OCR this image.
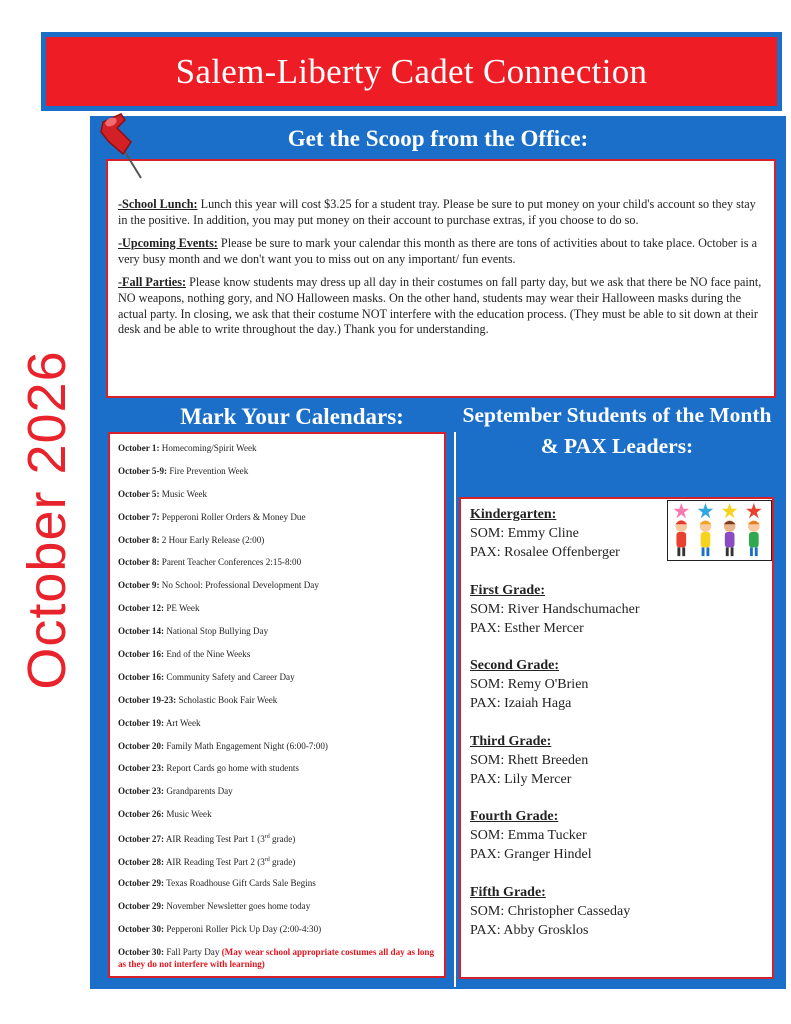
Salem-Liberty Cadet Connection
October 2026
Get the Scoop from the Office:

-School Lunch: Lunch this year will cost $3.25 for a student tray. Please be sure to put money on your child's account so they stay in the positive. In addition, you may put money on their account to purchase extras, if you choose to do so.

-Upcoming Events: Please be sure to mark your calendar this month as there are tons of activities about to take place. October is a very busy month and we don't want you to miss out on any important/ fun events.

-Fall Parties: Please know students may dress up all day in their costumes on fall party day, but we ask that there be NO face paint, NO weapons, nothing gory, and NO Halloween masks. On the other hand, students may wear their Halloween masks during the actual party. In closing, we ask that their costume NOT interfere with the education process. (They must be able to sit down at their desk and be able to write throughout the day.) Thank you for understanding.

Mark Your Calendars:
October 1: Homecoming/Spirit Week
October 5-9: Fire Prevention Week
October 5: Music Week
October 7: Pepperoni Roller Orders & Money Due
October 8: 2 Hour Early Release (2:00)
October 8: Parent Teacher Conferences 2:15-8:00
October 9: No School: Professional Development Day
October 12: PE Week
October 14: National Stop Bullying Day
October 16: End of the Nine Weeks
October 16: Community Safety and Career Day
October 19-23: Scholastic Book Fair Week
October 19: Art Week
October 20: Family Math Engagement Night (6:00-7:00)
October 23: Report Cards go home with students
October 23: Grandparents Day
October 26: Music Week
October 27: AIR Reading Test Part 1 (3rd grade)
October 28: AIR Reading Test Part 2 (3rd grade)
October 29: Texas Roadhouse Gift Cards Sale Begins
October 29: November Newsletter goes home today
October 30: Pepperoni Roller Pick Up Day (2:00-4:30)
October 30: Fall Party Day (May wear school appropriate costumes all day as long as they do not interfere with learning)
September Students of the Month & PAX Leaders:
Kindergarten:
SOM: Emmy Cline
PAX: Rosalee Offenberger
First Grade:
SOM: River Handschumacher
PAX: Esther Mercer
Second Grade:
SOM: Remy O'Brien
PAX: Izaiah Haga
Third Grade:
SOM: Rhett Breeden
PAX: Lily Mercer
Fourth Grade:
SOM: Emma Tucker
PAX: Granger Hindel
Fifth Grade:
SOM: Christopher Casseday
PAX: Abby Grosklos
